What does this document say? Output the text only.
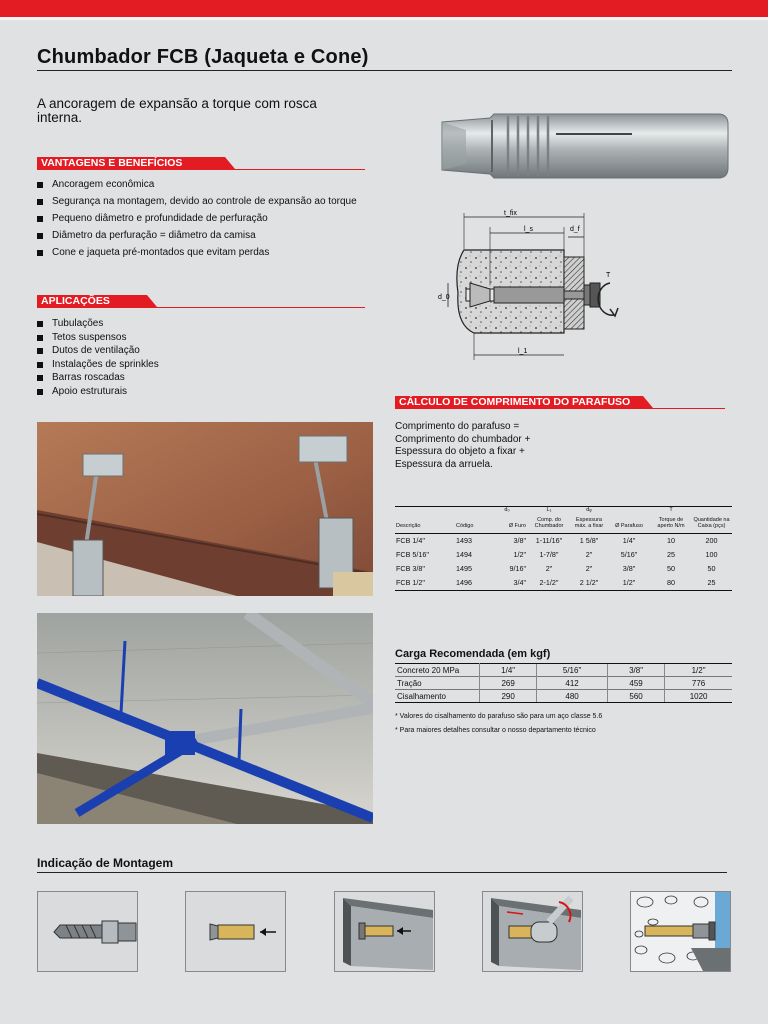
Chumbador FCB (Jaqueta e Cone)
A ancoragem de expansão a torque com rosca interna.
t_fix
l_s	d_f
d_0
l_1
T
VANTAGENS E BENEFÍCIOS
Ancoragem econômica
Segurança na montagem, devido ao controle de expansão ao torque
Pequeno diâmetro e profundidade de perfuração
Diâmetro da perfuração = diâmetro da camisa
Cone e jaqueta pré-montados que evitam perdas
APLICAÇÕES
Tubulações
Tetos suspensos
Dutos de ventilação
Instalações de sprinkles
Barras roscadas
Apoio estruturais
CÁLCULO DE COMPRIMENTO DO PARAFUSO
Comprimento do parafuso =
Comprimento do chumbador +
Espessura do objeto a fixar +
Espessura da arruela.

		d₀	L₁	dᵩ		T	
Descrição	Código	Ø Furo	Comp. do Chumbador	Espessura máx. a fixar	Ø Parafuso	Torque de aperto N/m	Quantidade na Caixa (pçs)
FCB 1/4"	1493	3/8"	1-11/16"	1 5/8"	1/4"	10	200
FCB 5/16"	1494	1/2"	1-7/8"	2"	5/16"	25	100
FCB 3/8"	1495	9/16"	2"	2"	3/8"	50	50
FCB 1/2"	1496	3/4"	2-1/2"	2 1/2"	1/2"	80	25
Carga Recomendada (em kgf)
Concreto 20 MPa	1/4"	5/16"	3/8"	1/2"
Tração	269	412	459	776
Cisalhamento	290	480	560	1020
* Valores do cisalhamento do parafuso são para um aço classe 5.6
* Para maiores detalhes consultar o nosso departamento técnico
Indicação de Montagem
